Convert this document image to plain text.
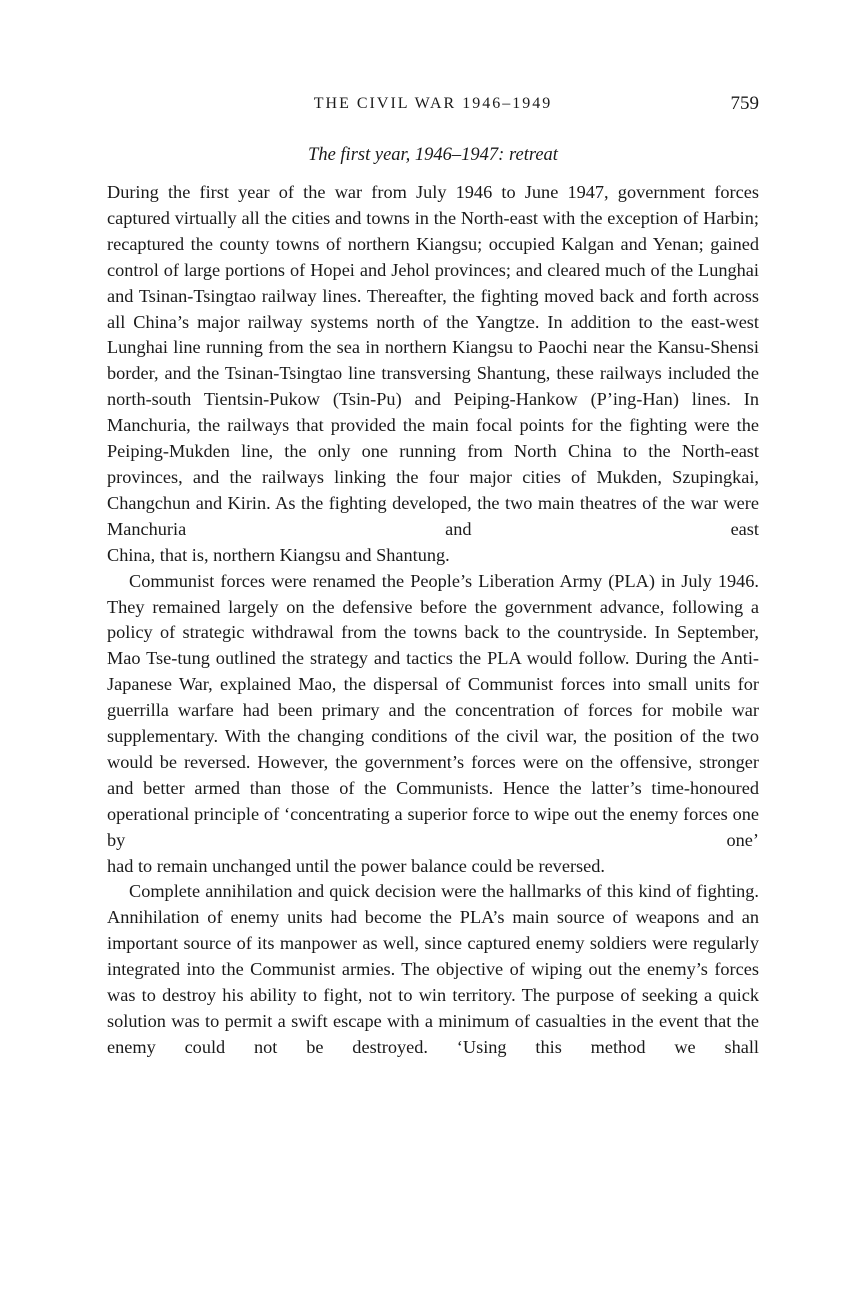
THE CIVIL WAR 1946–1949	759
The first year, 1946–1947: retreat

During the first year of the war from July 1946 to June 1947, government forces captured virtually all the cities and towns in the North-east with the exception of Harbin; recaptured the county towns of northern Kiangsu; occupied Kalgan and Yenan; gained control of large portions of Hopei and Jehol provinces; and cleared much of the Lunghai and Tsinan-Tsingtao railway lines. Thereafter, the fighting moved back and forth across all China’s major railway systems north of the Yangtze. In addition to the east-west Lunghai line running from the sea in northern Kiangsu to Paochi near the Kansu-Shensi border, and the Tsinan-Tsingtao line transversing Shantung, these railways included the north-south Tientsin-Pukow (Tsin-Pu) and Peiping-Hankow (P’ing-Han) lines. In Manchuria, the railways that provided the main focal points for the fighting were the Peiping-Mukden line, the only one running from North China to the North-east provinces, and the railways linking the four major cities of Mukden, Szupingkai, Changchun and Kirin. As the fighting developed, the two main theatres of the war were Manchuria and east

China, that is, northern Kiangsu and Shantung.

Communist forces were renamed the People’s Liberation Army (PLA) in July 1946. They remained largely on the defensive before the government advance, following a policy of strategic withdrawal from the towns back to the countryside. In September, Mao Tse-tung outlined the strategy and tactics the PLA would follow. During the Anti-Japanese War, explained Mao, the dispersal of Communist forces into small units for guerrilla warfare had been primary and the concentration of forces for mobile war supplementary. With the changing conditions of the civil war, the position of the two would be reversed. However, the government’s forces were on the offensive, stronger and better armed than those of the Communists. Hence the latter’s time-honoured operational principle of ‘concentrating a superior force to wipe out the enemy forces one by one’

had to remain unchanged until the power balance could be reversed.

Complete annihilation and quick decision were the hallmarks of this kind of fighting. Annihilation of enemy units had become the PLA’s main source of weapons and an important source of its manpower as well, since captured enemy soldiers were regularly integrated into the Communist armies. The objective of wiping out the enemy’s forces was to destroy his ability to fight, not to win territory. The purpose of seeking a quick solution was to permit a swift escape with a minimum of casualties in the event that the enemy could not be destroyed. ‘Using this method we shall
